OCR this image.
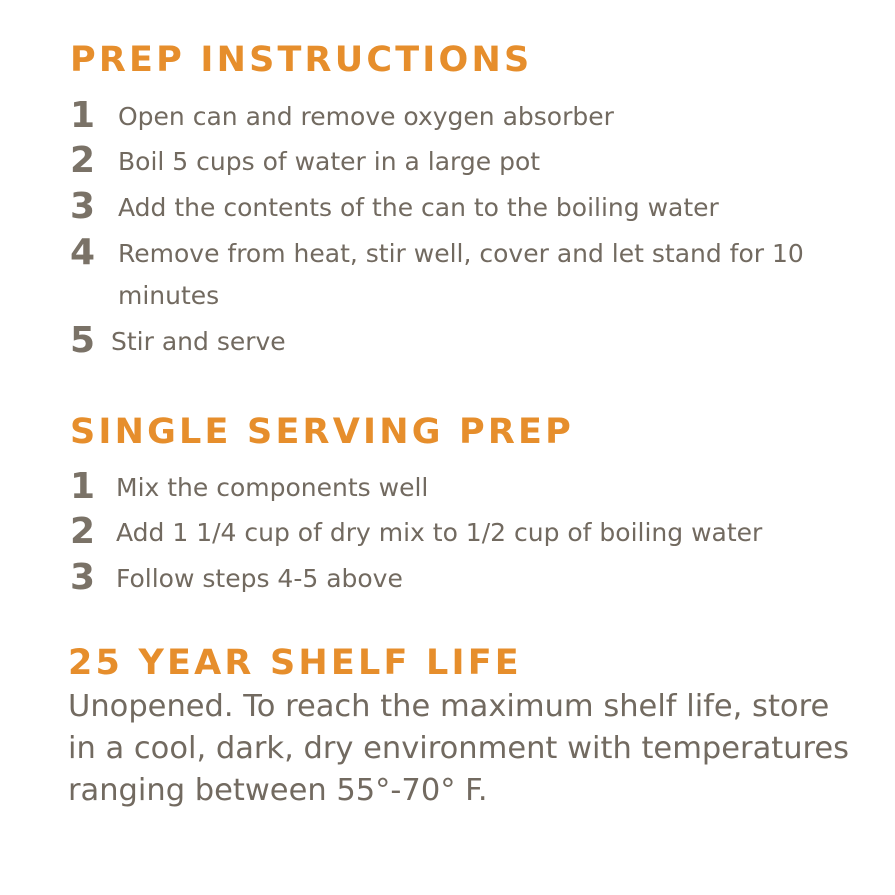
PREP INSTRUCTIONS
1 Open can and remove oxygen absorber
2 Boil 5 cups of water in a large pot
3 Add the contents of the can to the boiling water
4 Remove from heat, stir well, cover and let stand for 10 minutes
5 Stir and serve
SINGLE SERVING PREP
1 Mix the components well
2 Add 1 1/4 cup of dry mix to 1/2 cup of boiling water
3 Follow steps 4-5 above
25 YEAR SHELF LIFE

Unopened. To reach the maximum shelf life, store in a cool, dark, dry environment with temperatures ranging between 55°-70° F.
